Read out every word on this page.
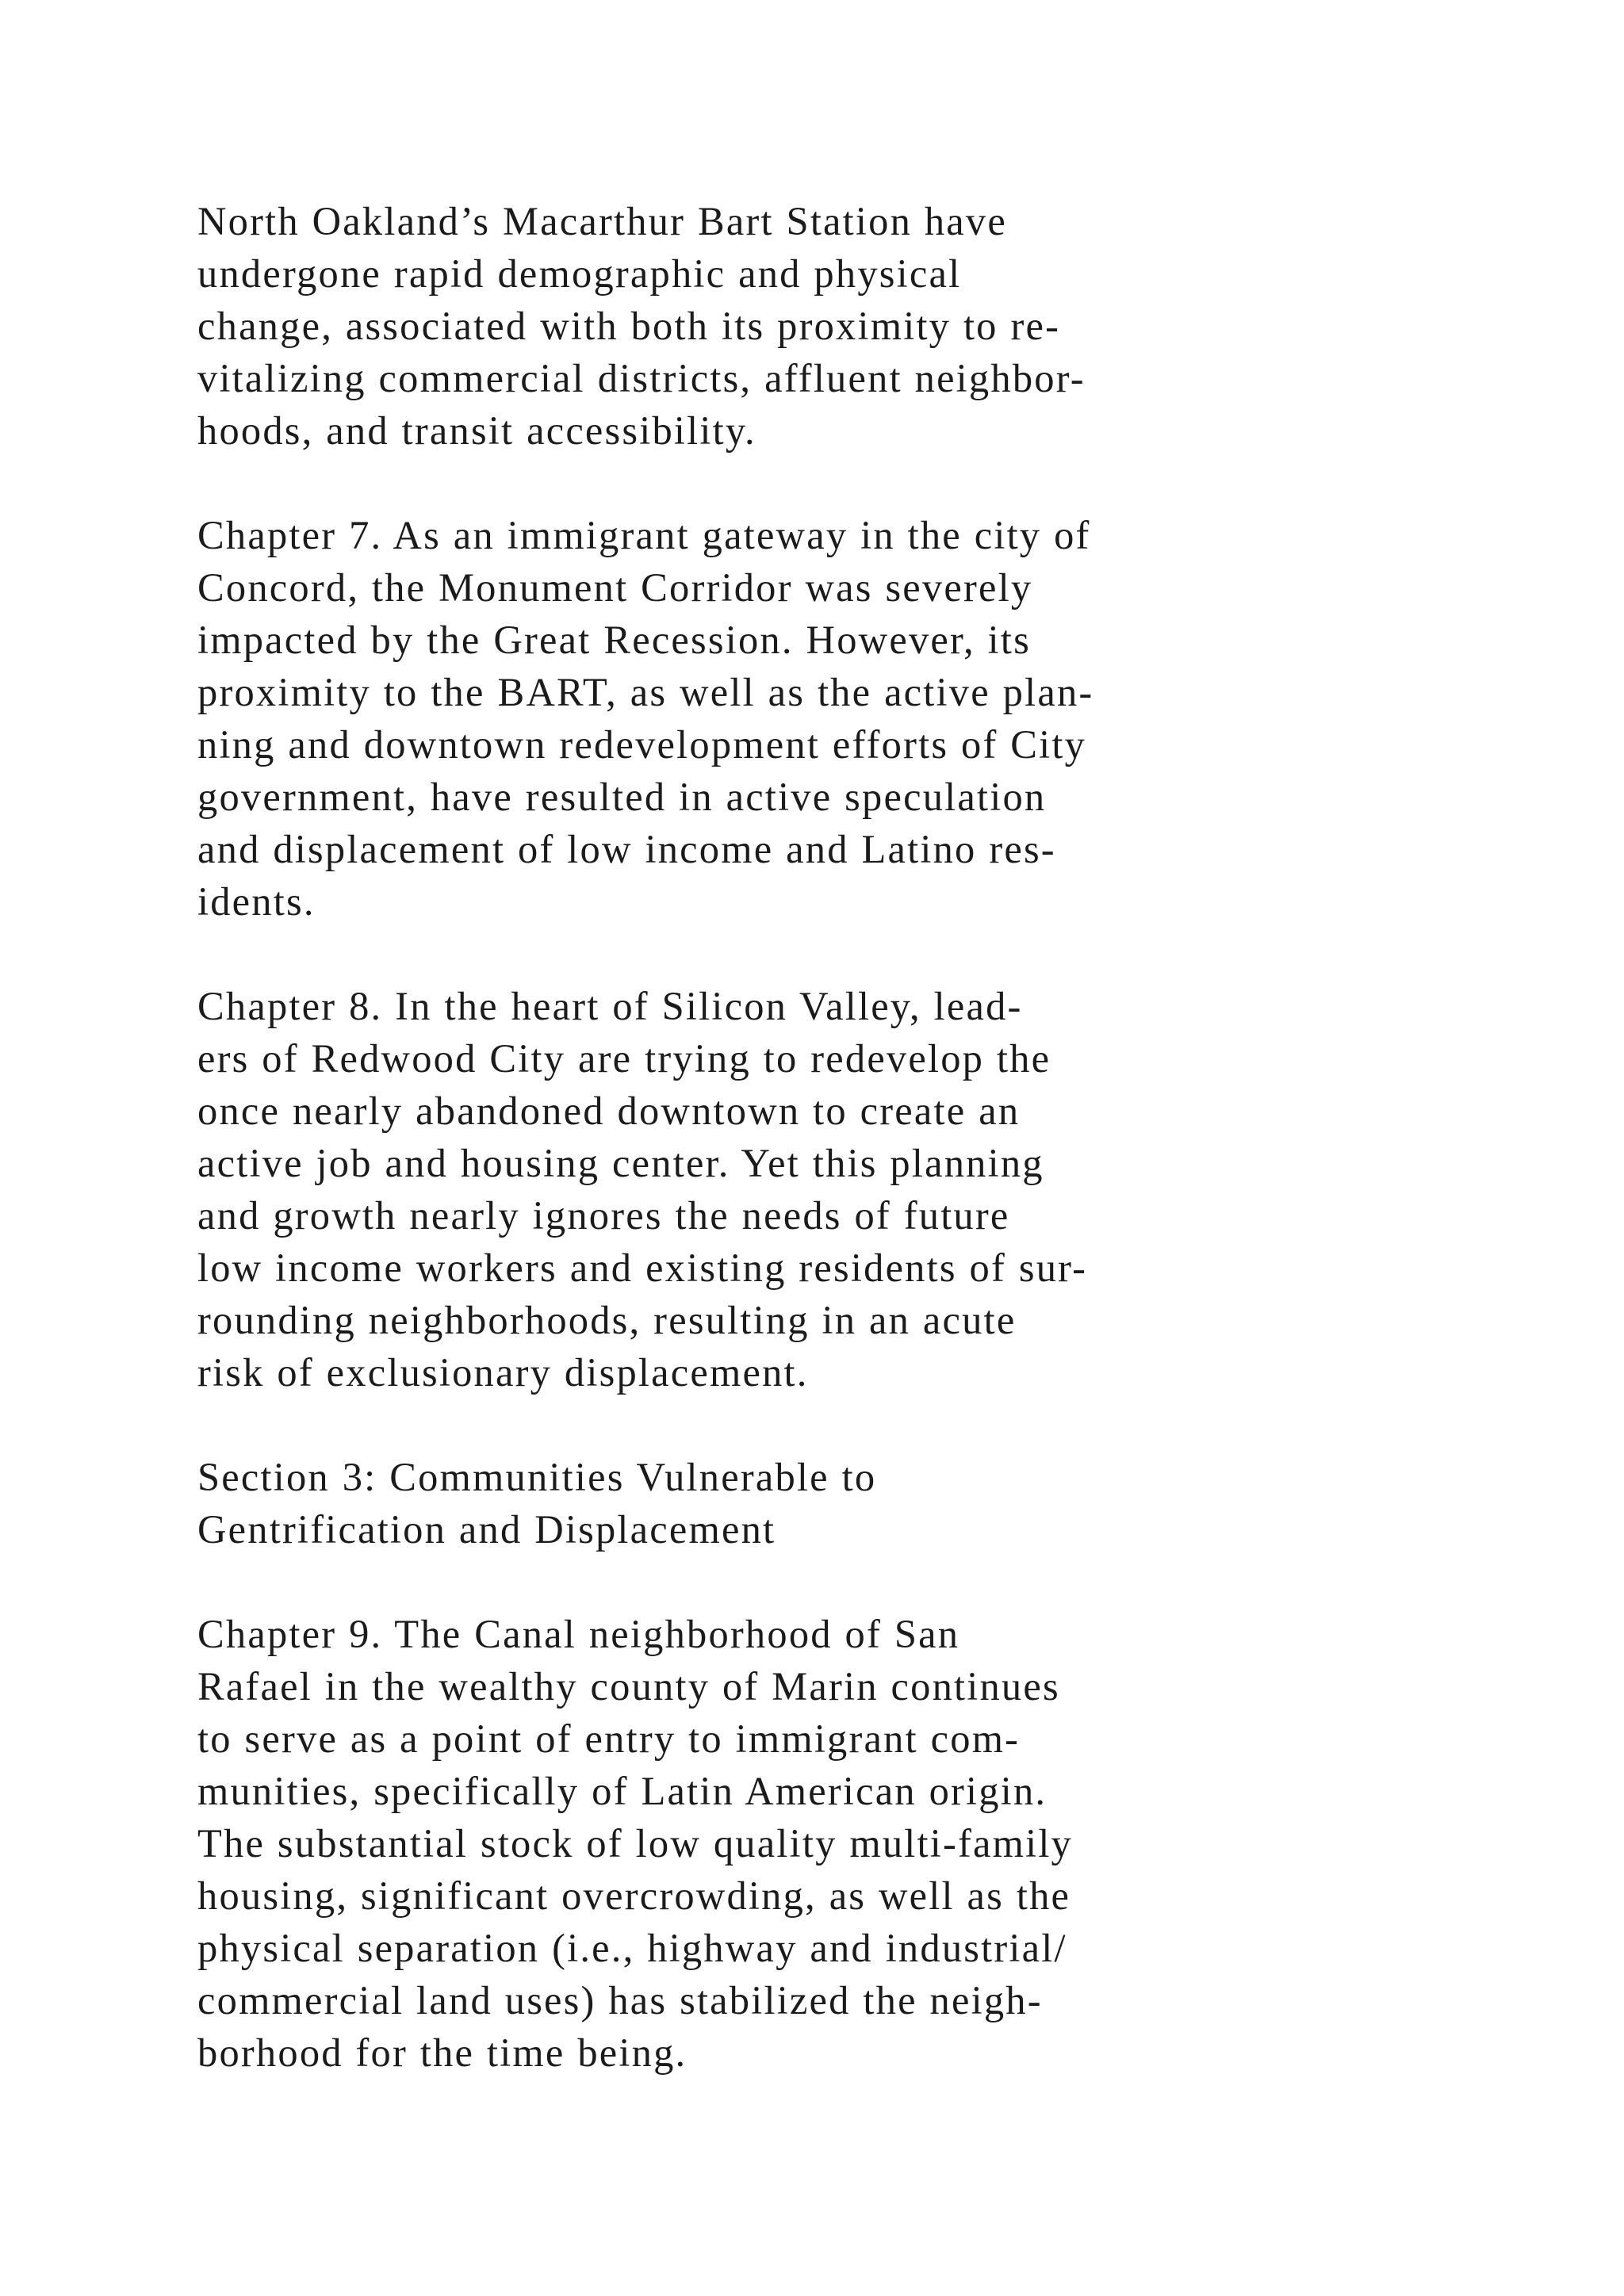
North Oakland’s Macarthur Bart Station have
undergone rapid demographic and physical
change, associated with both its proximity to re-
vitalizing commercial districts, affluent neighbor-
hoods, and transit accessibility.
Chapter 7. As an immigrant gateway in the city of
Concord, the Monument Corridor was severely
impacted by the Great Recession. However, its
proximity to the BART, as well as the active plan-
ning and downtown redevelopment efforts of City
government, have resulted in active speculation
and displacement of low income and Latino res-
idents.
Chapter 8. In the heart of Silicon Valley, lead-
ers of Redwood City are trying to redevelop the
once nearly abandoned downtown to create an
active job and housing center. Yet this planning
and growth nearly ignores the needs of future
low income workers and existing residents of sur-
rounding neighborhoods, resulting in an acute
risk of exclusionary displacement.
Section 3: Communities Vulnerable to
Gentrification and Displacement
Chapter 9. The Canal neighborhood of San
Rafael in the wealthy county of Marin continues
to serve as a point of entry to immigrant com-
munities, specifically of Latin American origin.
The substantial stock of low quality multi-family
housing, significant overcrowding, as well as the
physical separation (i.e., highway and industrial/
commercial land uses) has stabilized the neigh-
borhood for the time being.
